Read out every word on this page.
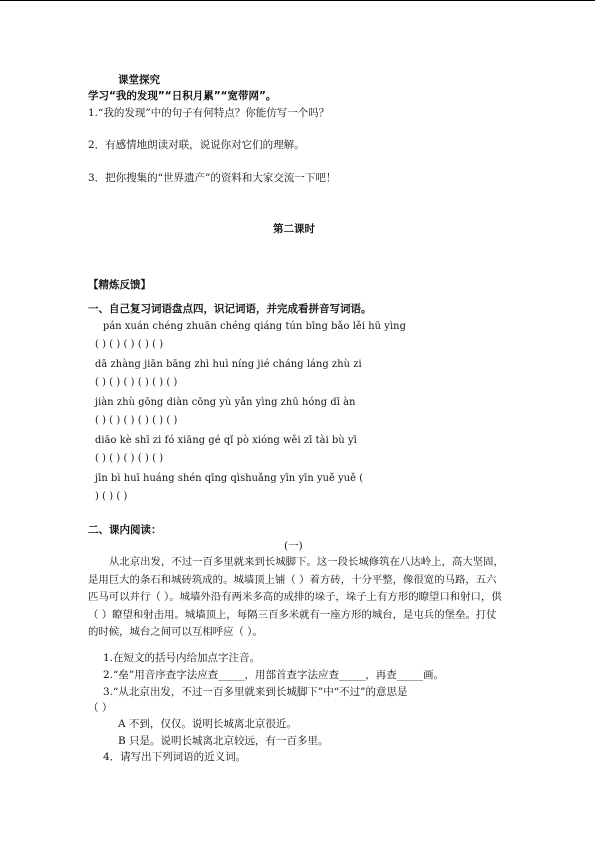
课堂探究
学习“我的发现”“日积月累”“宽带网”。
1.“我的发现”中的句子有何特点？你能仿写一个吗？
2．有感情地朗读对联，说说你对它们的理解。
3．把你搜集的“世界遗产”的资料和大家交流一下吧！
第二课时
【精炼反馈】
一、自己复习词语盘点四，识记词语，并完成看拼音写词语。
pán xuán chéng zhuān chéng qiáng tún bīng bǎo lěi hū yìng
( ) ( ) ( ) ( ) ( )
dā zhàng jiān bāng zhì huì níng jié cháng láng zhù zi
( ) ( ) ( ) ( ) ( ) ( )
jiàn zhù gōng diàn cōng yù yǎn yìng zhū hóng dī àn
( ) ( ) ( ) ( ) ( ) ( )
diāo kè shī zi fó xiāng gé qǐ pò xióng wěi zī tài bù yī
( ) ( ) ( ) ( ) ( )
jīn bì huī huáng shén qīng qìshuǎng yīn yīn yuě yuě (
) ( ) ( )
二、课内阅读：
(一)
从北京出发，不过一百多里就来到长城脚下。这一段长城修筑在八达岭上，高大坚固，是用巨大的条石和城砖筑成的。城墙顶上铺（ ）着方砖，十分平整，像很宽的马路，五六匹马可以并行（ ）。城墙外沿有两米多高的成排的垛子，垛子上有方形的瞭望口和射口，供（ ）瞭望和射击用。城墙顶上，每隔三百多米就有一座方形的城台，是屯兵的堡垒。打仗的时候，城台之间可以互相呼应（ ）。
1.在短文的括号内给加点字注音。
2.“垒”用音序查字法应查_____，用部首查字法应查_____，再查_____画。
3.“从北京出发，不过一百多里就来到长城脚下”中“不过”的意思是
（ ）
A 不到，仅仅。说明长城离北京很近。
B 只是。说明长城离北京较远，有一百多里。
4．请写出下列词语的近义词。
